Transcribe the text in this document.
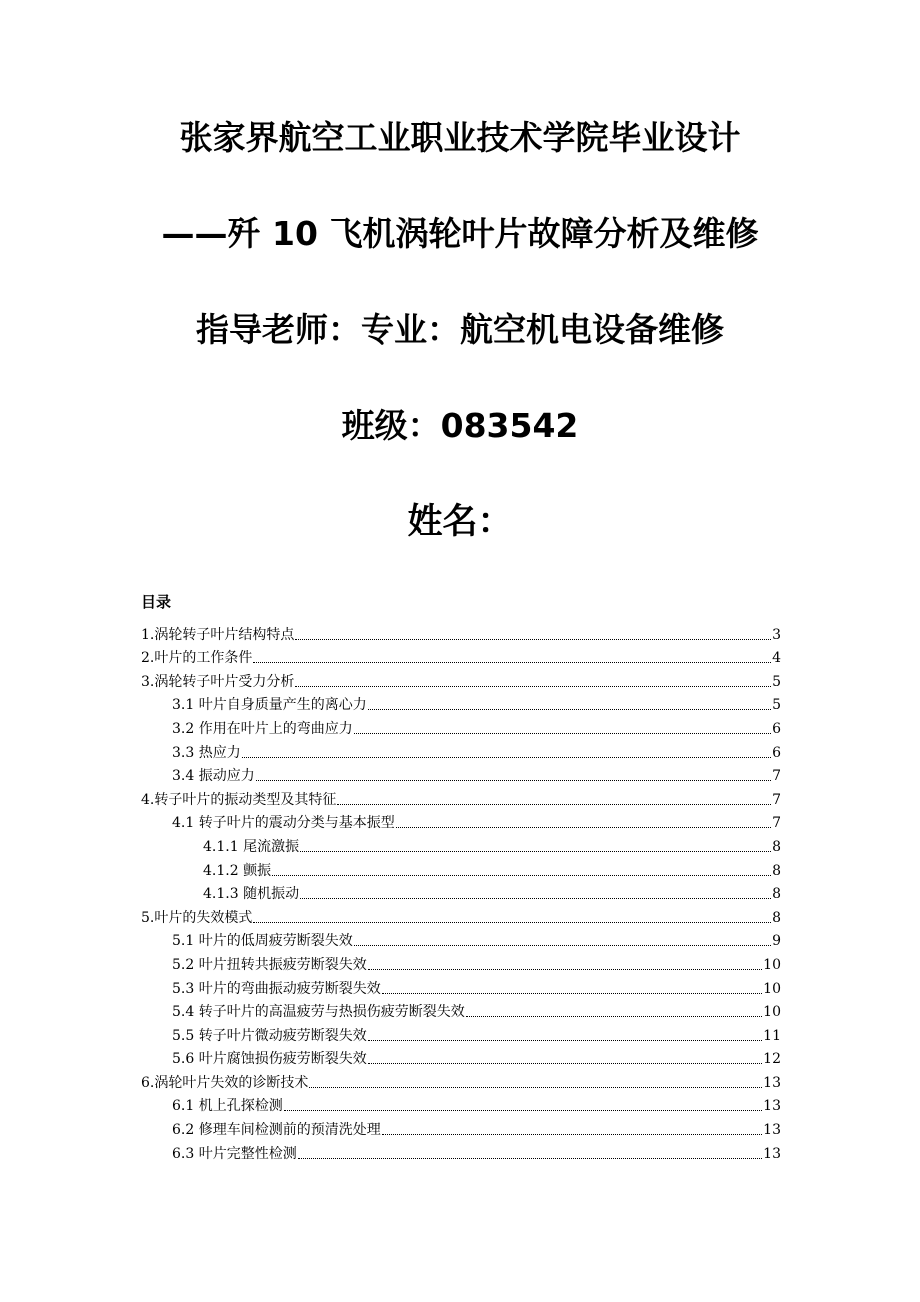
张家界航空工业职业技术学院毕业设计
——歼 10 飞机涡轮叶片故障分析及维修
指导老师：专业：航空机电设备维修
班级：083542
姓名：
目录
1.涡轮转子叶片结构特点	3
2.叶片的工作条件	4
3.涡轮转子叶片受力分析	5
3.1 叶片自身质量产生的离心力	5
3.2 作用在叶片上的弯曲应力	6
3.3 热应力	6
3.4 振动应力	7
4.转子叶片的振动类型及其特征	7
4.1 转子叶片的震动分类与基本振型	7
4.1.1 尾流激振	8
4.1.2 颤振	8
4.1.3 随机振动	8
5.叶片的失效模式	8
5.1 叶片的低周疲劳断裂失效	9
5.2 叶片扭转共振疲劳断裂失效	10
5.3 叶片的弯曲振动疲劳断裂失效	10
5.4 转子叶片的高温疲劳与热损伤疲劳断裂失效	10
5.5 转子叶片微动疲劳断裂失效	11
5.6 叶片腐蚀损伤疲劳断裂失效	12
6.涡轮叶片失效的诊断技术	13
6.1 机上孔探检测	13
6.2 修理车间检测前的预清洗处理	13
6.3 叶片完整性检测	13
